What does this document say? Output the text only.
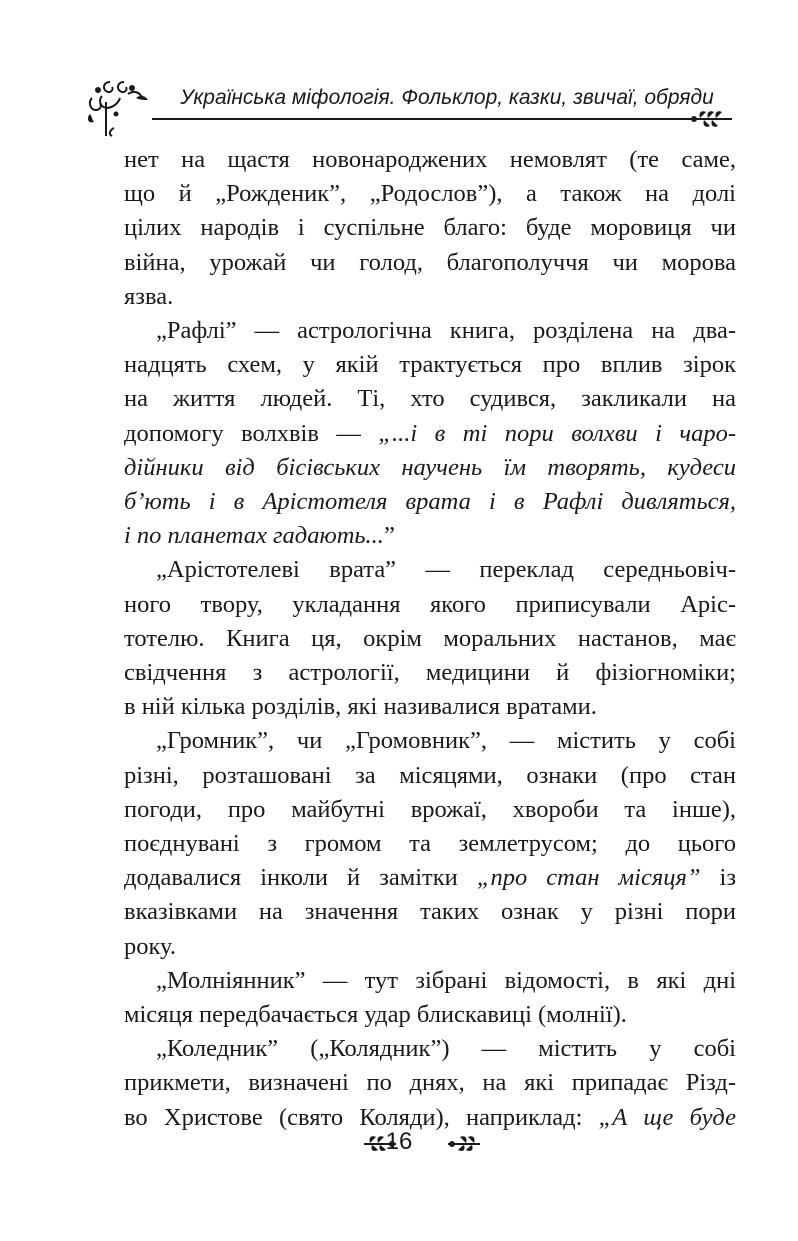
Українська міфологія. Фольклор, казки, звичаї, обряди
нет на щастя новонароджених немовлят (те саме,
що й „Рожденик”, „Родослов”), а також на долі
цілих народів і суспільне благо: буде моровиця чи
війна, урожай чи голод, благополуччя чи морова
язва.
„Рафлі” — астрологічна книга, розділена на два-
надцять схем, у якій трактується про вплив зірок
на життя людей. Ті, хто судився, закликали на
допомогу волхвів — „...і в ті пори волхви і чаро-
дійники від бісівських научень їм творять, кудеси
б’ють і в Арістотеля врата і в Рафлі дивляться,
і по планетах гадають...”
„Арістотелеві врата” — переклад середньовіч-
ного твору, укладання якого приписували Аріс-
тотелю. Книга ця, окрім моральних настанов, має
свідчення з астрології, медицини й фізіогноміки;
в ній кілька розділів, які називалися вратами.
„Громник”, чи „Громовник”, — містить у собі
різні, розташовані за місяцями, ознаки (про стан
погоди, про майбутні врожаї, хвороби та інше),
поєднувані з громом та землетрусом; до цього
додавалися інколи й замітки „про стан місяця” із
вказівками на значення таких ознак у різні пори
року.
„Молніянник” — тут зібрані відомості, в які дні
місяця передбачається удар блискавиці (молнії).
„Коледник” („Колядник”) — містить у собі
прикмети, визначені по днях, на які припадає Різд-
во Христове (свято Коляди), наприклад: „А ще буде
16
